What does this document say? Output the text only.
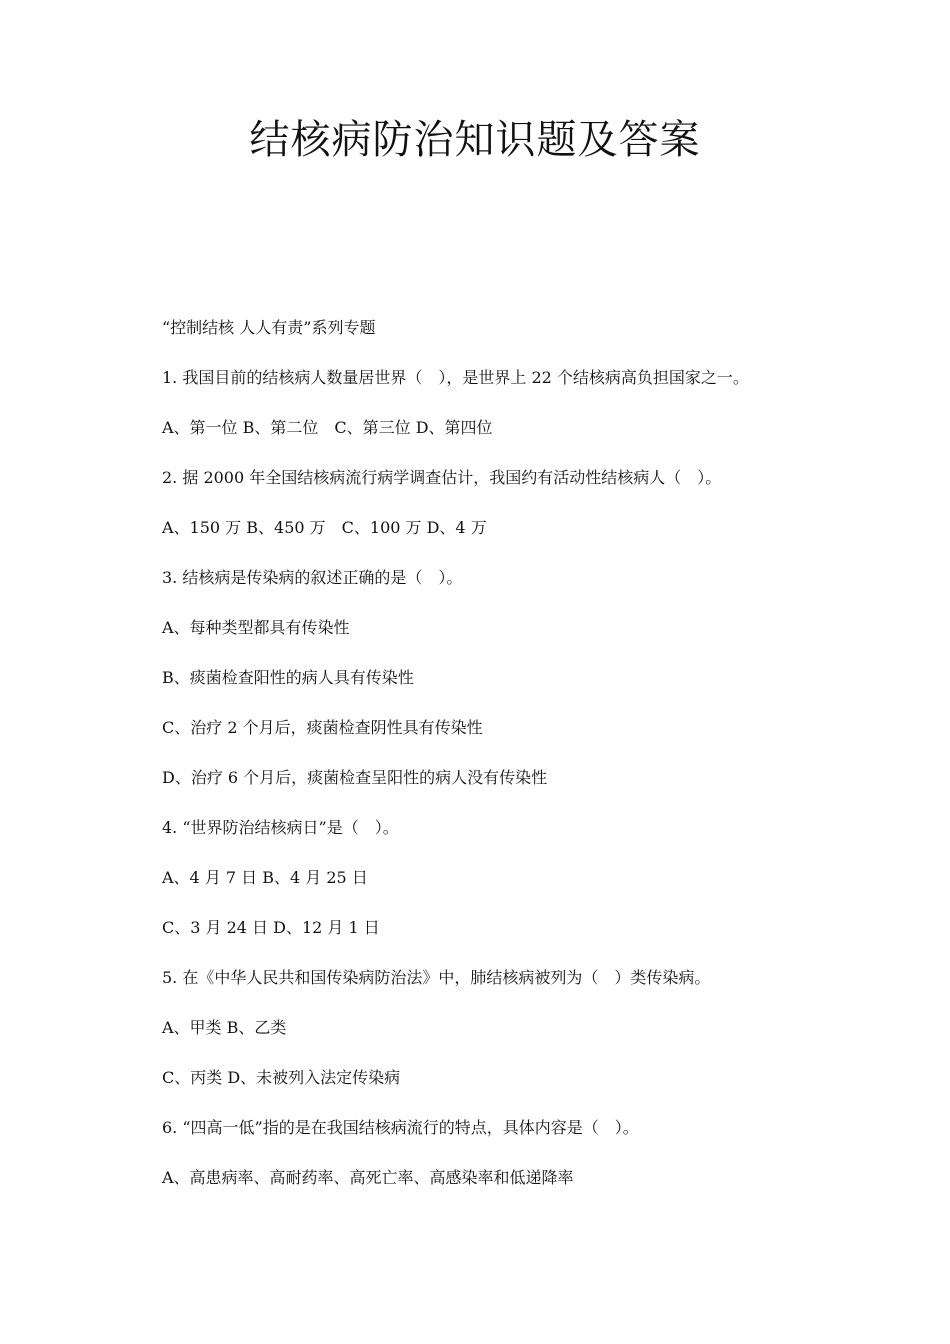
结核病防治知识题及答案
“控制结核 人人有责”系列专题
1. 我国目前的结核病人数量居世界（　），是世界上 22 个结核病高负担国家之一。
A、第一位 B、第二位　C、第三位 D、第四位
2. 据 2000 年全国结核病流行病学调查估计，我国约有活动性结核病人（　）。
A、150 万 B、450 万　C、100 万 D、4 万
3. 结核病是传染病的叙述正确的是（　）。
A、每种类型都具有传染性
B、痰菌检查阳性的病人具有传染性
C、治疗 2 个月后，痰菌检查阴性具有传染性
D、治疗 6 个月后，痰菌检查呈阳性的病人没有传染性
4. “世界防治结核病日”是（　）。
A、4 月 7 日 B、4 月 25 日
C、3 月 24 日 D、12 月 1 日
5. 在《中华人民共和国传染病防治法》中，肺结核病被列为（　）类传染病。
A、甲类 B、乙类
C、丙类 D、未被列入法定传染病
6. “四高一低”指的是在我国结核病流行的特点，具体内容是（　）。
A、高患病率、高耐药率、高死亡率、高感染率和低递降率
